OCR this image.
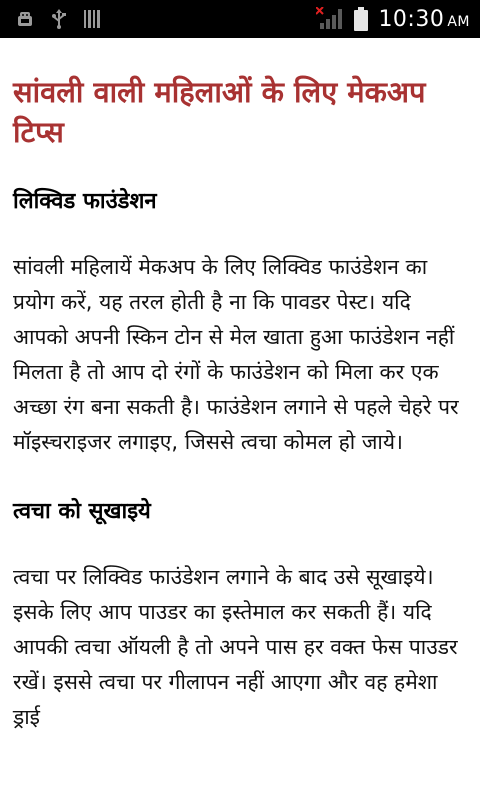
10:30 AM
सांवली वाली महिलाओं के लिए मेकअप टिप्स
लिक्विड फाउंडेशन

सांवली महिलायें मेकअप के लिए लिक्विड फाउंडेशन का प्रयोग करें, यह तरल होती है ना कि पावडर पेस्ट। यदि आपको अपनी स्किन टोन से मेल खाता हुआ फाउंडेशन नहीं मिलता है तो आप दो रंगों के फाउंडेशन को मिला कर एक अच्छा रंग बना सकती है। फाउंडेशन लगाने से पहले चेहरे पर मॉइस्चराइजर लगाइए, जिससे त्वचा कोमल हो जाये।

त्वचा को सूखाइये

त्वचा पर लिक्विड फाउंडेशन लगाने के बाद उसे सूखाइये। इसके लिए आप पाउडर का इस्तेमाल कर सकती हैं। यदि आपकी त्वचा ऑयली है तो अपने पास हर वक्त फेस पाउडर रखें। इससे त्वचा पर गीलापन नहीं आएगा और वह हमेशा ड्राई
